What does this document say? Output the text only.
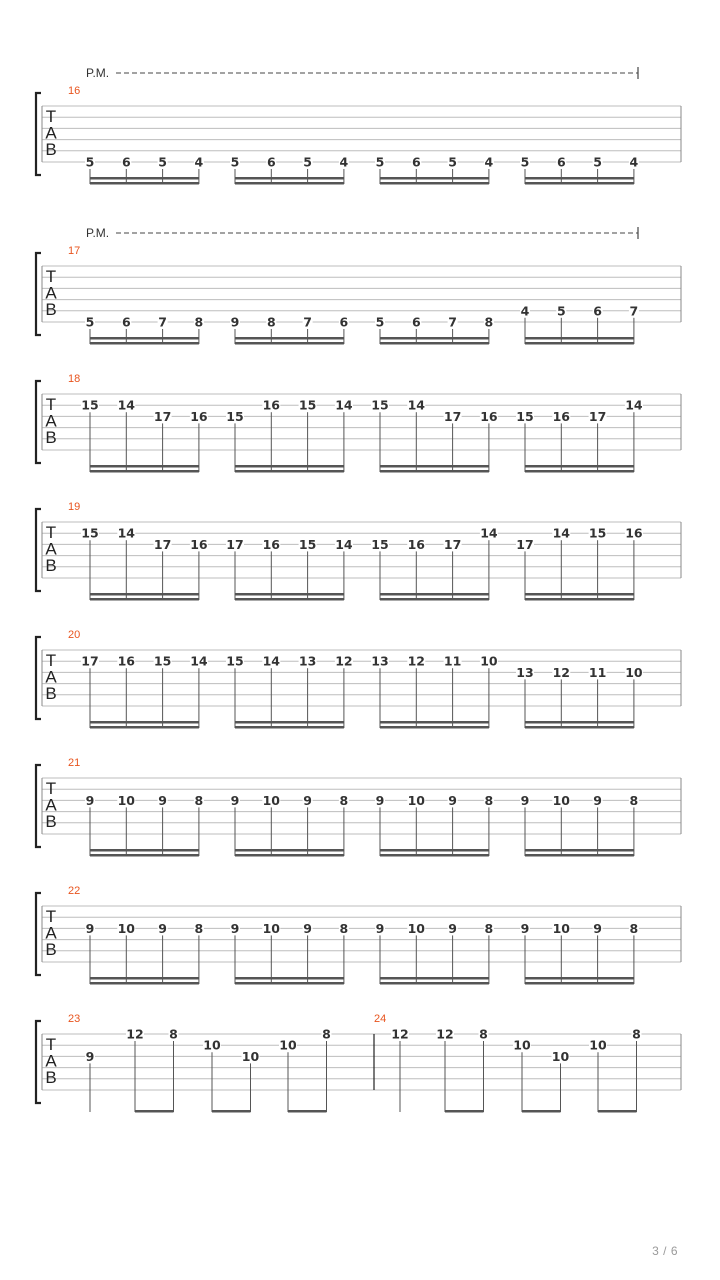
T
A
B
P.M.
16
5 6 5 4 5 6 5 4 5 6 5 4 5 6 5 4
T
A
B
P.M.
17
5 6 7 8 9 8 7 6 5 6 7 8
4 5 6 7
T
A
B
18
15 14
17 16 15
16 15 14 15 14
17 16 15 16 17
14
T
A
B
19
15 14
17 16 17 16 15 14 15 16 17
14
17
14 15 16
T
A
B
20
17 16 15 14 15 14 13 12 13 12 11 10
13 12 11 10
T
A
B
21
9 10 9 8 9 10 9 8 9 10 9 8 9 10 9 8
T
A
B
22
9 10 9 8 9 10 9 8 9 10 9 8 9 10 9 8
T
A
B
23
9
12 8
10
10
10
8
24
12 12 8
10
10
10
8
3 / 6
